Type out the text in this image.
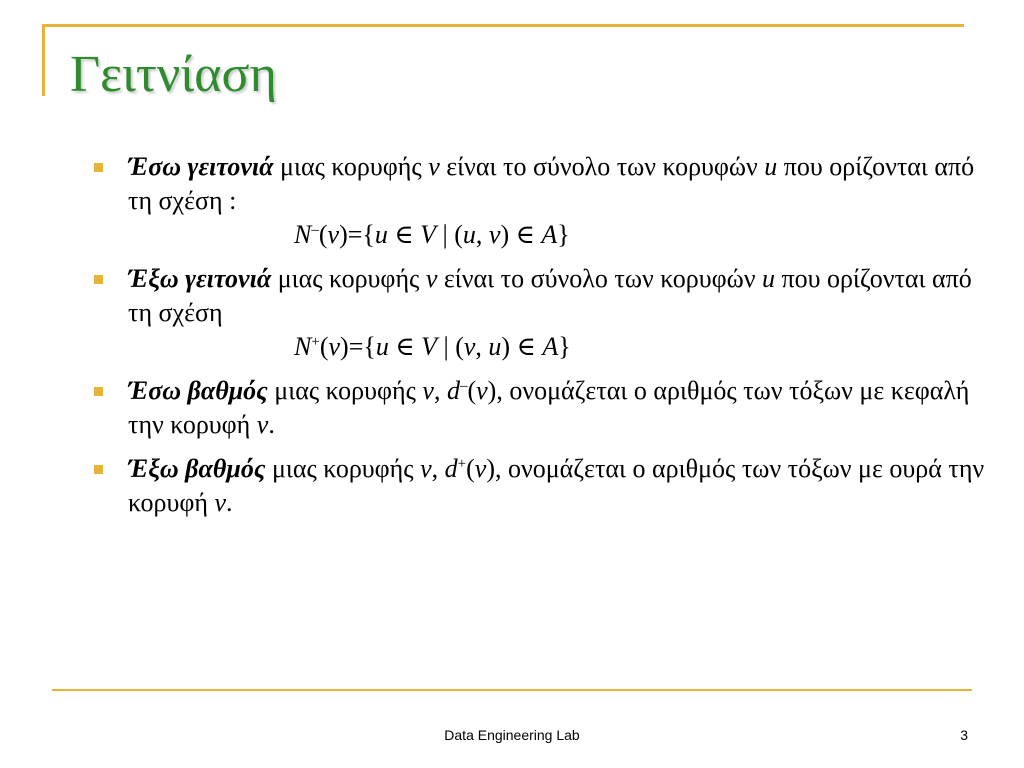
Γειτνίαση
Έσω γειτονιά μιας κορυφής v είναι το σύνολο των κορυφών u που ορίζονται από τη σχέση :
N–(v)={u ∈ V | (u, v) ∈ A}
Έξω γειτονιά μιας κορυφής v είναι το σύνολο των κορυφών u που ορίζονται από τη σχέση
N+(v)={u ∈ V | (v, u) ∈ A}
Έσω βαθμός μιας κορυφής v, d–(v), ονομάζεται ο αριθμός των τόξων με κεφαλή την κορυφή v.
Έξω βαθμός μιας κορυφής v, d+(v), ονομάζεται ο αριθμός των τόξων με ουρά την κορυφή v.
Data Engineering Lab	3
